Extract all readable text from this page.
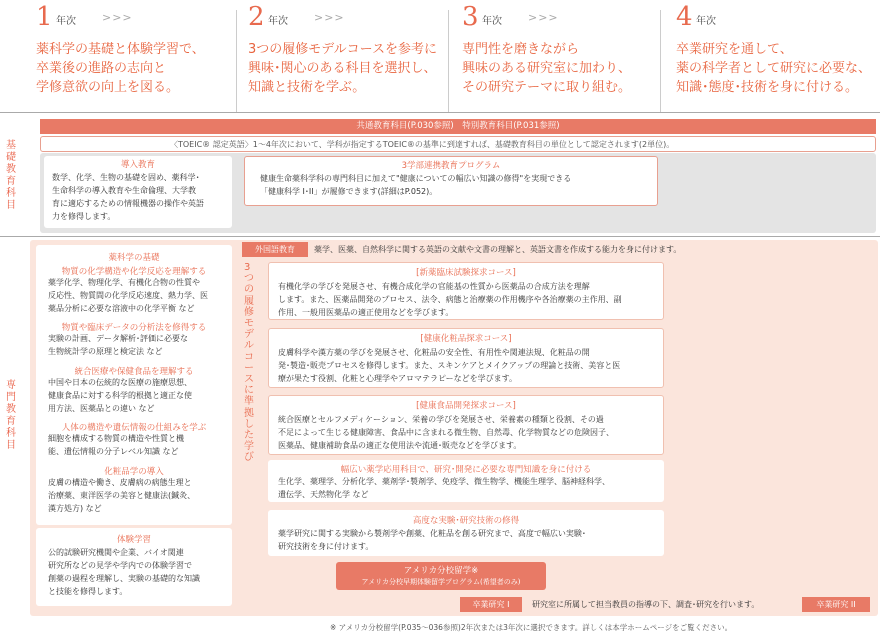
1 年次 >>>
薬科学の基礎と体験学習で、
卒業後の進路の志向と
学修意欲の向上を図る。
2 年次 >>>
3つの履修モデルコースを参考に
興味･関心のある科目を選択し、
知識と技術を学ぶ。
3 年次 >>>
専門性を磨きながら
興味のある研究室に加わり、
その研究テーマに取り組む。
4 年次
卒業研究を通して、
薬の科学者として研究に必要な、
知識･態度･技術を身に付ける。
基礎教育科目
共通教育科目(P.030参照)　特別教育科目(P.031参照)
〈TOEIC® 認定英語〉1〜4年次において、学科が指定するTOEIC®の基準に到達すれば、基礎教育科目の単位として認定されます(2単位)。
導入教育
数学、化学、生物の基礎を固め、薬科学･
生命科学の導入教育や生命倫理、大学教
育に適応するための情報機器の操作や英語
力を修得します。
3学部連携教育プログラム
健康生命薬科学科の専門科目に加えて"健康についての幅広い知識の修得"を実現できる
「健康科学 I･II」が履修できます(詳細はP.052)。
専門教育科目
薬科学の基礎
物質の化学構造や化学反応を理解する
薬学化学、物理化学、有機化合物の性質や
反応性、物質間の化学反応速度、熱力学、医
薬品分析に必要な溶液中の化学平衡 など
物質や臨床データの分析法を修得する
実験の計画、データ解析･評価に必要な
生物統計学の原理と検定法 など
統合医療や保健食品を理解する
中国や日本の伝統的な医療の施療思想、
健康食品に対する科学的根拠と適正な使
用方法、医薬品との違い など
人体の構造や遺伝情報の仕組みを学ぶ
細胞を構成する物質の構造や性質と機
能、遺伝情報の分子レベル知識 など
化粧品学の導入
皮膚の構造や働き、皮膚病の病態生理と
治療薬、東洋医学の美容と健康法(鍼灸、
漢方処方) など
体験学習
公的試験研究機関や企業、バイオ関連
研究所などの見学や学内での体験学習で
創薬の過程を理解し、実験の基礎的な知識
と技能を修得します。
3つの履修モデルコースに準拠した学び
外国語教育	薬学、医薬、自然科学に関する英語の文献や文書の理解と、英語文書を作成する能力を身に付けます。
[新薬臨床試験探求コース]
有機化学の学びを発展させ、有機合成化学の官能基の性質から医薬品の合成方法を理解
します。また、医薬品開発のプロセス、法令、病態と治療薬の作用機序や各治療薬の主作用、副
作用、一般用医薬品の適正使用などを学びます。
[健康化粧品探求コース]
皮膚科学や漢方薬の学びを発展させ、化粧品の安全性、有用性や関連法規、化粧品の開
発･製造･販売プロセスを修得します。また、スキンケアとメイクアップの理論と技術、美容と医
療が果たす役割、化粧と心理学やアロマテラピーなどを学びます。
[健康食品開発探求コース]
統合医療とセルフメディケーション、栄養の学びを発展させ、栄養素の種類と役割、その過
不足によって生じる健康障害、食品中に含まれる微生物、自然毒、化学物質などの危険因子、
医薬品、健康補助食品の適正な使用法や流通･販売などを学びます。
幅広い薬学応用科目で、研究･開発に必要な専門知識を身に付ける
生化学、薬理学、分析化学、薬剤学･製剤学、免疫学、微生物学、機能生理学、脳神経科学、
遺伝学、天然物化学 など
高度な実験･研究技術の修得
薬学研究に関する実験から製剤学や創薬、化粧品を創る研究まで、高度で幅広い実験･
研究技術を身に付けます。
アメリカ分校留学※
アメリカ分校早期体験留学プログラム(希望者のみ)
卒業研究 I	研究室に所属して担当教員の指導の下、調査･研究を行います。	卒業研究 II
※ アメリカ分校留学(P.035〜036参照)2年次または3年次に選択できます。詳しくは本学ホームページをご覧ください。
